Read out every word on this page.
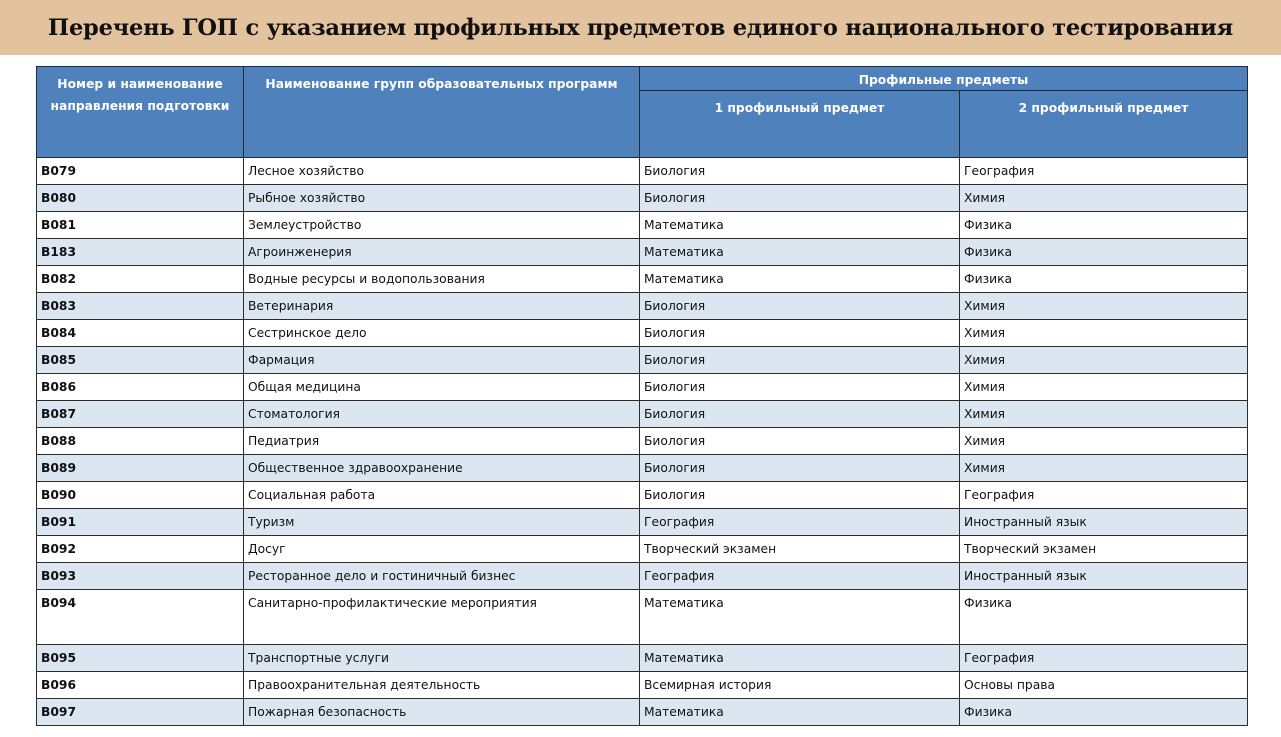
Перечень ГОП с указанием профильных предметов единого национального тестирования
Номер и наименование направления подготовки	Наименование групп образовательных программ	Профильные предметы	
		1 профильный предмет	2 профильный предмет
B079	Лесное хозяйство	Биология	География
B080	Рыбное хозяйство	Биология	Химия
B081	Землеустройство	Математика	Физика
B183	Агроинженерия	Математика	Физика
B082	Водные ресурсы и водопользования	Математика	Физика
B083	Ветеринария	Биология	Химия
B084	Сестринское дело	Биология	Химия
B085	Фармация	Биология	Химия
B086	Общая медицина	Биология	Химия
B087	Стоматология	Биология	Химия
B088	Педиатрия	Биология	Химия
B089	Общественное здравоохранение	Биология	Химия
B090	Социальная работа	Биология	География
B091	Туризм	География	Иностранный язык
B092	Досуг	Творческий экзамен	Творческий экзамен
B093	Ресторанное дело и гостиничный бизнес	География	Иностранный язык
B094	Санитарно-профилактические мероприятия	Математика	Физика
B095	Транспортные услуги	Математика	География
B096	Правоохранительная деятельность	Всемирная история	Основы права
B097	Пожарная безопасность	Математика	Физика
